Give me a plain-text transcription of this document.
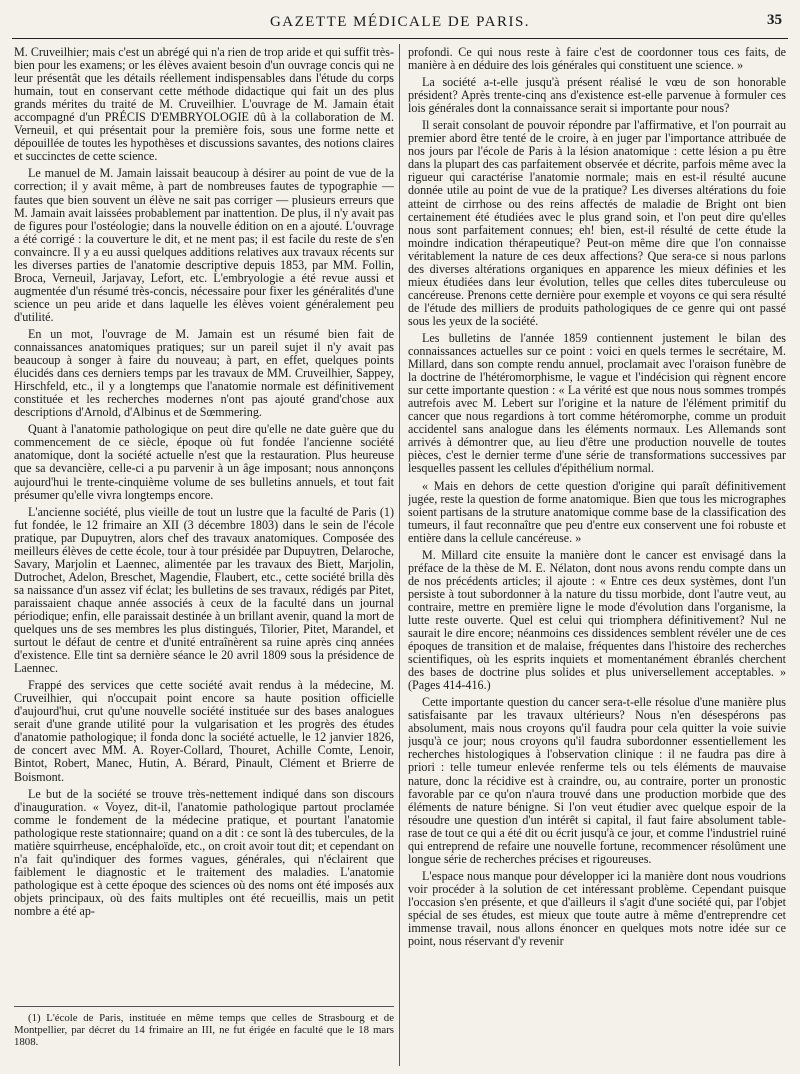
GAZETTE MÉDICALE DE PARIS.	35

M. Cruveilhier; mais c'est un abrégé qui n'a rien de trop aride et qui suffit très-bien pour les examens; or les élèves avaient besoin d'un ouvrage concis qui ne leur présentât que les détails réellement indispensables dans l'étude du corps humain, tout en conservant cette méthode didactique qui fait un des plus grands mérites du traité de M. Cruveilhier. L'ouvrage de M. Jamain était accompagné d'un PRÉCIS D'EMBRYOLOGIE dû à la collaboration de M. Verneuil, et qui présentait pour la première fois, sous une forme nette et dépouillée de toutes les hypothèses et discussions savantes, des notions claires et succinctes de cette science.

Le manuel de M. Jamain laissait beaucoup à désirer au point de vue de la correction; il y avait même, à part de nombreuses fautes de typographie — fautes que bien souvent un élève ne sait pas corriger — plusieurs erreurs que M. Jamain avait laissées probablement par inattention. De plus, il n'y avait pas de figures pour l'ostéologie; dans la nouvelle édition on en a ajouté. L'ouvrage a été corrigé : la couverture le dit, et ne ment pas; il est facile du reste de s'en convaincre. Il y a eu aussi quelques additions relatives aux travaux récents sur les diverses parties de l'anatomie descriptive depuis 1853, par MM. Follin, Broca, Verneuil, Jarjavay, Lefort, etc. L'embryologie a été revue aussi et augmentée d'un résumé très-concis, nécessaire pour fixer les généralités d'une science un peu aride et dans laquelle les élèves voient généralement peu d'utilité.

En un mot, l'ouvrage de M. Jamain est un résumé bien fait de connaissances anatomiques pratiques; sur un pareil sujet il n'y avait pas beaucoup à songer à faire du nouveau; à part, en effet, quelques points élucidés dans ces derniers temps par les travaux de MM. Cruveilhier, Sappey, Hirschfeld, etc., il y a longtemps que l'anatomie normale est définitivement constituée et les recherches modernes n'ont pas ajouté grand'chose aux descriptions d'Arnold, d'Albinus et de Sœmmering.

Quant à l'anatomie pathologique on peut dire qu'elle ne date guère que du commencement de ce siècle, époque où fut fondée l'ancienne société anatomique, dont la société actuelle n'est que la restauration. Plus heureuse que sa devancière, celle-ci a pu parvenir à un âge imposant; nous annonçons aujourd'hui le trente-cinquième volume de ses bulletins annuels, et tout fait présumer qu'elle vivra longtemps encore.

L'ancienne société, plus vieille de tout un lustre que la faculté de Paris (1) fut fondée, le 12 frimaire an XII (3 décembre 1803) dans le sein de l'école pratique, par Dupuytren, alors chef des travaux anatomiques. Composée des meilleurs élèves de cette école, tour à tour présidée par Dupuytren, Delaroche, Savary, Marjolin et Laennec, alimentée par les travaux des Biett, Marjolin, Dutrochet, Adelon, Breschet, Magendie, Flaubert, etc., cette société brilla dès sa naissance d'un assez vif éclat; les bulletins de ses travaux, rédigés par Pitet, paraissaient chaque année associés à ceux de la faculté dans un journal périodique; enfin, elle paraissait destinée à un brillant avenir, quand la mort de quelques uns de ses membres les plus distingués, Tilorier, Pitet, Marandel, et surtout le défaut de centre et d'unité entraînèrent sa ruine après cinq années d'existence. Elle tint sa dernière séance le 20 avril 1809 sous la présidence de Laennec.

Frappé des services que cette société avait rendus à la médecine, M. Cruveilhier, qui n'occupait point encore sa haute position officielle d'aujourd'hui, crut qu'une nouvelle société instituée sur des bases analogues serait d'une grande utilité pour la vulgarisation et les progrès des études d'anatomie pathologique; il fonda donc la société actuelle, le 12 janvier 1826, de concert avec MM. A. Royer-Collard, Thouret, Achille Comte, Lenoir, Bintot, Robert, Manec, Hutin, A. Bérard, Pinault, Clément et Brierre de Boismont.

Le but de la société se trouve très-nettement indiqué dans son discours d'inauguration. « Voyez, dit-il, l'anatomie pathologique partout proclamée comme le fondement de la médecine pratique, et pourtant l'anatomie pathologique reste stationnaire; quand on a dit : ce sont là des tubercules, de la matière squirrheuse, encéphaloïde, etc., on croit avoir tout dit; et cependant on n'a fait qu'indiquer des formes vagues, générales, qui n'éclairent que faiblement le diagnostic et le traitement des maladies. L'anatomie pathologique est à cette époque des sciences où des noms ont été imposés aux objets principaux, où des faits multiples ont été recueillis, mais un petit nombre a été ap-

(1) L'école de Paris, instituée en même temps que celles de Strasbourg et de Montpellier, par décret du 14 frimaire an III, ne fut érigée en faculté que le 18 mars 1808.

profondi. Ce qui nous reste à faire c'est de coordonner tous ces faits, de manière à en déduire des lois générales qui constituent une science. »

La société a-t-elle jusqu'à présent réalisé le vœu de son honorable président? Après trente-cinq ans d'existence est-elle parvenue à formuler ces lois générales dont la connaissance serait si importante pour nous?

Il serait consolant de pouvoir répondre par l'affirmative, et l'on pourrait au premier abord être tenté de le croire, à en juger par l'importance attribuée de nos jours par l'école de Paris à la lésion anatomique : cette lésion a pu être dans la plupart des cas parfaitement observée et décrite, parfois même avec la rigueur qui caractérise l'anatomie normale; mais en est-il résulté aucune donnée utile au point de vue de la pratique? Les diverses altérations du foie atteint de cirrhose ou des reins affectés de maladie de Bright ont bien certainement été étudiées avec le plus grand soin, et l'on peut dire qu'elles nous sont parfaitement connues; eh! bien, est-il résulté de cette étude la moindre indication thérapeutique? Peut-on même dire que l'on connaisse véritablement la nature de ces deux affections? Que sera-ce si nous parlons des diverses altérations organiques en apparence les mieux définies et les mieux étudiées dans leur évolution, telles que celles dites tuberculeuse ou cancéreuse. Prenons cette dernière pour exemple et voyons ce qui sera résulté de l'étude des milliers de produits pathologiques de ce genre qui ont passé sous les yeux de la société.

Les bulletins de l'année 1859 contiennent justement le bilan des connaissances actuelles sur ce point : voici en quels termes le secrétaire, M. Millard, dans son compte rendu annuel, proclamait avec l'oraison funèbre de la doctrine de l'hétéromorphisme, le vague et l'indécision qui règnent encore sur cette importante question : « La vérité est que nous nous sommes trompés autrefois avec M. Lebert sur l'origine et la nature de l'élément primitif du cancer que nous regardions à tort comme hétéromorphe, comme un produit accidentel sans analogue dans les éléments normaux. Les Allemands sont arrivés à démontrer que, au lieu d'être une production nouvelle de toutes pièces, c'est le dernier terme d'une série de transformations successives par lesquelles passent les cellules d'épithélium normal.

« Mais en dehors de cette question d'origine qui paraît définitivement jugée, reste la question de forme anatomique. Bien que tous les micrographes soient partisans de la struture anatomique comme base de la classification des tumeurs, il faut reconnaître que peu d'entre eux conservent une foi robuste et entière dans la cellule cancéreuse. »

M. Millard cite ensuite la manière dont le cancer est envisagé dans la préface de la thèse de M. E. Nélaton, dont nous avons rendu compte dans un de nos précédents articles; il ajoute : « Entre ces deux systèmes, dont l'un persiste à tout subordonner à la nature du tissu morbide, dont l'autre veut, au contraire, mettre en première ligne le mode d'évolution dans l'organisme, la lutte reste ouverte. Quel est celui qui triomphera définitivement? Nul ne saurait le dire encore; néanmoins ces dissidences semblent révéler une de ces époques de transition et de malaise, fréquentes dans l'histoire des recherches scientifiques, où les esprits inquiets et momentanément ébranlés cherchent des bases de doctrine plus solides et plus universellement acceptables. » (Pages 414-416.)

Cette importante question du cancer sera-t-elle résolue d'une manière plus satisfaisante par les travaux ultérieurs? Nous n'en désespérons pas absolument, mais nous croyons qu'il faudra pour cela quitter la voie suivie jusqu'à ce jour; nous croyons qu'il faudra subordonner essentiellement les recherches histologiques à l'observation clinique : il ne faudra pas dire à priori : telle tumeur enlevée renferme tels ou tels éléments de mauvaise nature, donc la récidive est à craindre, ou, au contraire, porter un pronostic favorable par ce qu'on n'aura trouvé dans une production morbide que des éléments de nature bénigne. Si l'on veut étudier avec quelque espoir de la résoudre une question d'un intérêt si capital, il faut faire absolument table-rase de tout ce qui a été dit ou écrit jusqu'à ce jour, et comme l'industriel ruiné qui entreprend de refaire une nouvelle fortune, recommencer résolûment une longue série de recherches précises et rigoureuses.

L'espace nous manque pour développer ici la manière dont nous voudrions voir procéder à la solution de cet intéressant problème. Cependant puisque l'occasion s'en présente, et que d'ailleurs il s'agit d'une société qui, par l'objet spécial de ses études, est mieux que toute autre à même d'entreprendre cet immense travail, nous allons énoncer en quelques mots notre idée sur ce point, nous réservant d'y revenir
